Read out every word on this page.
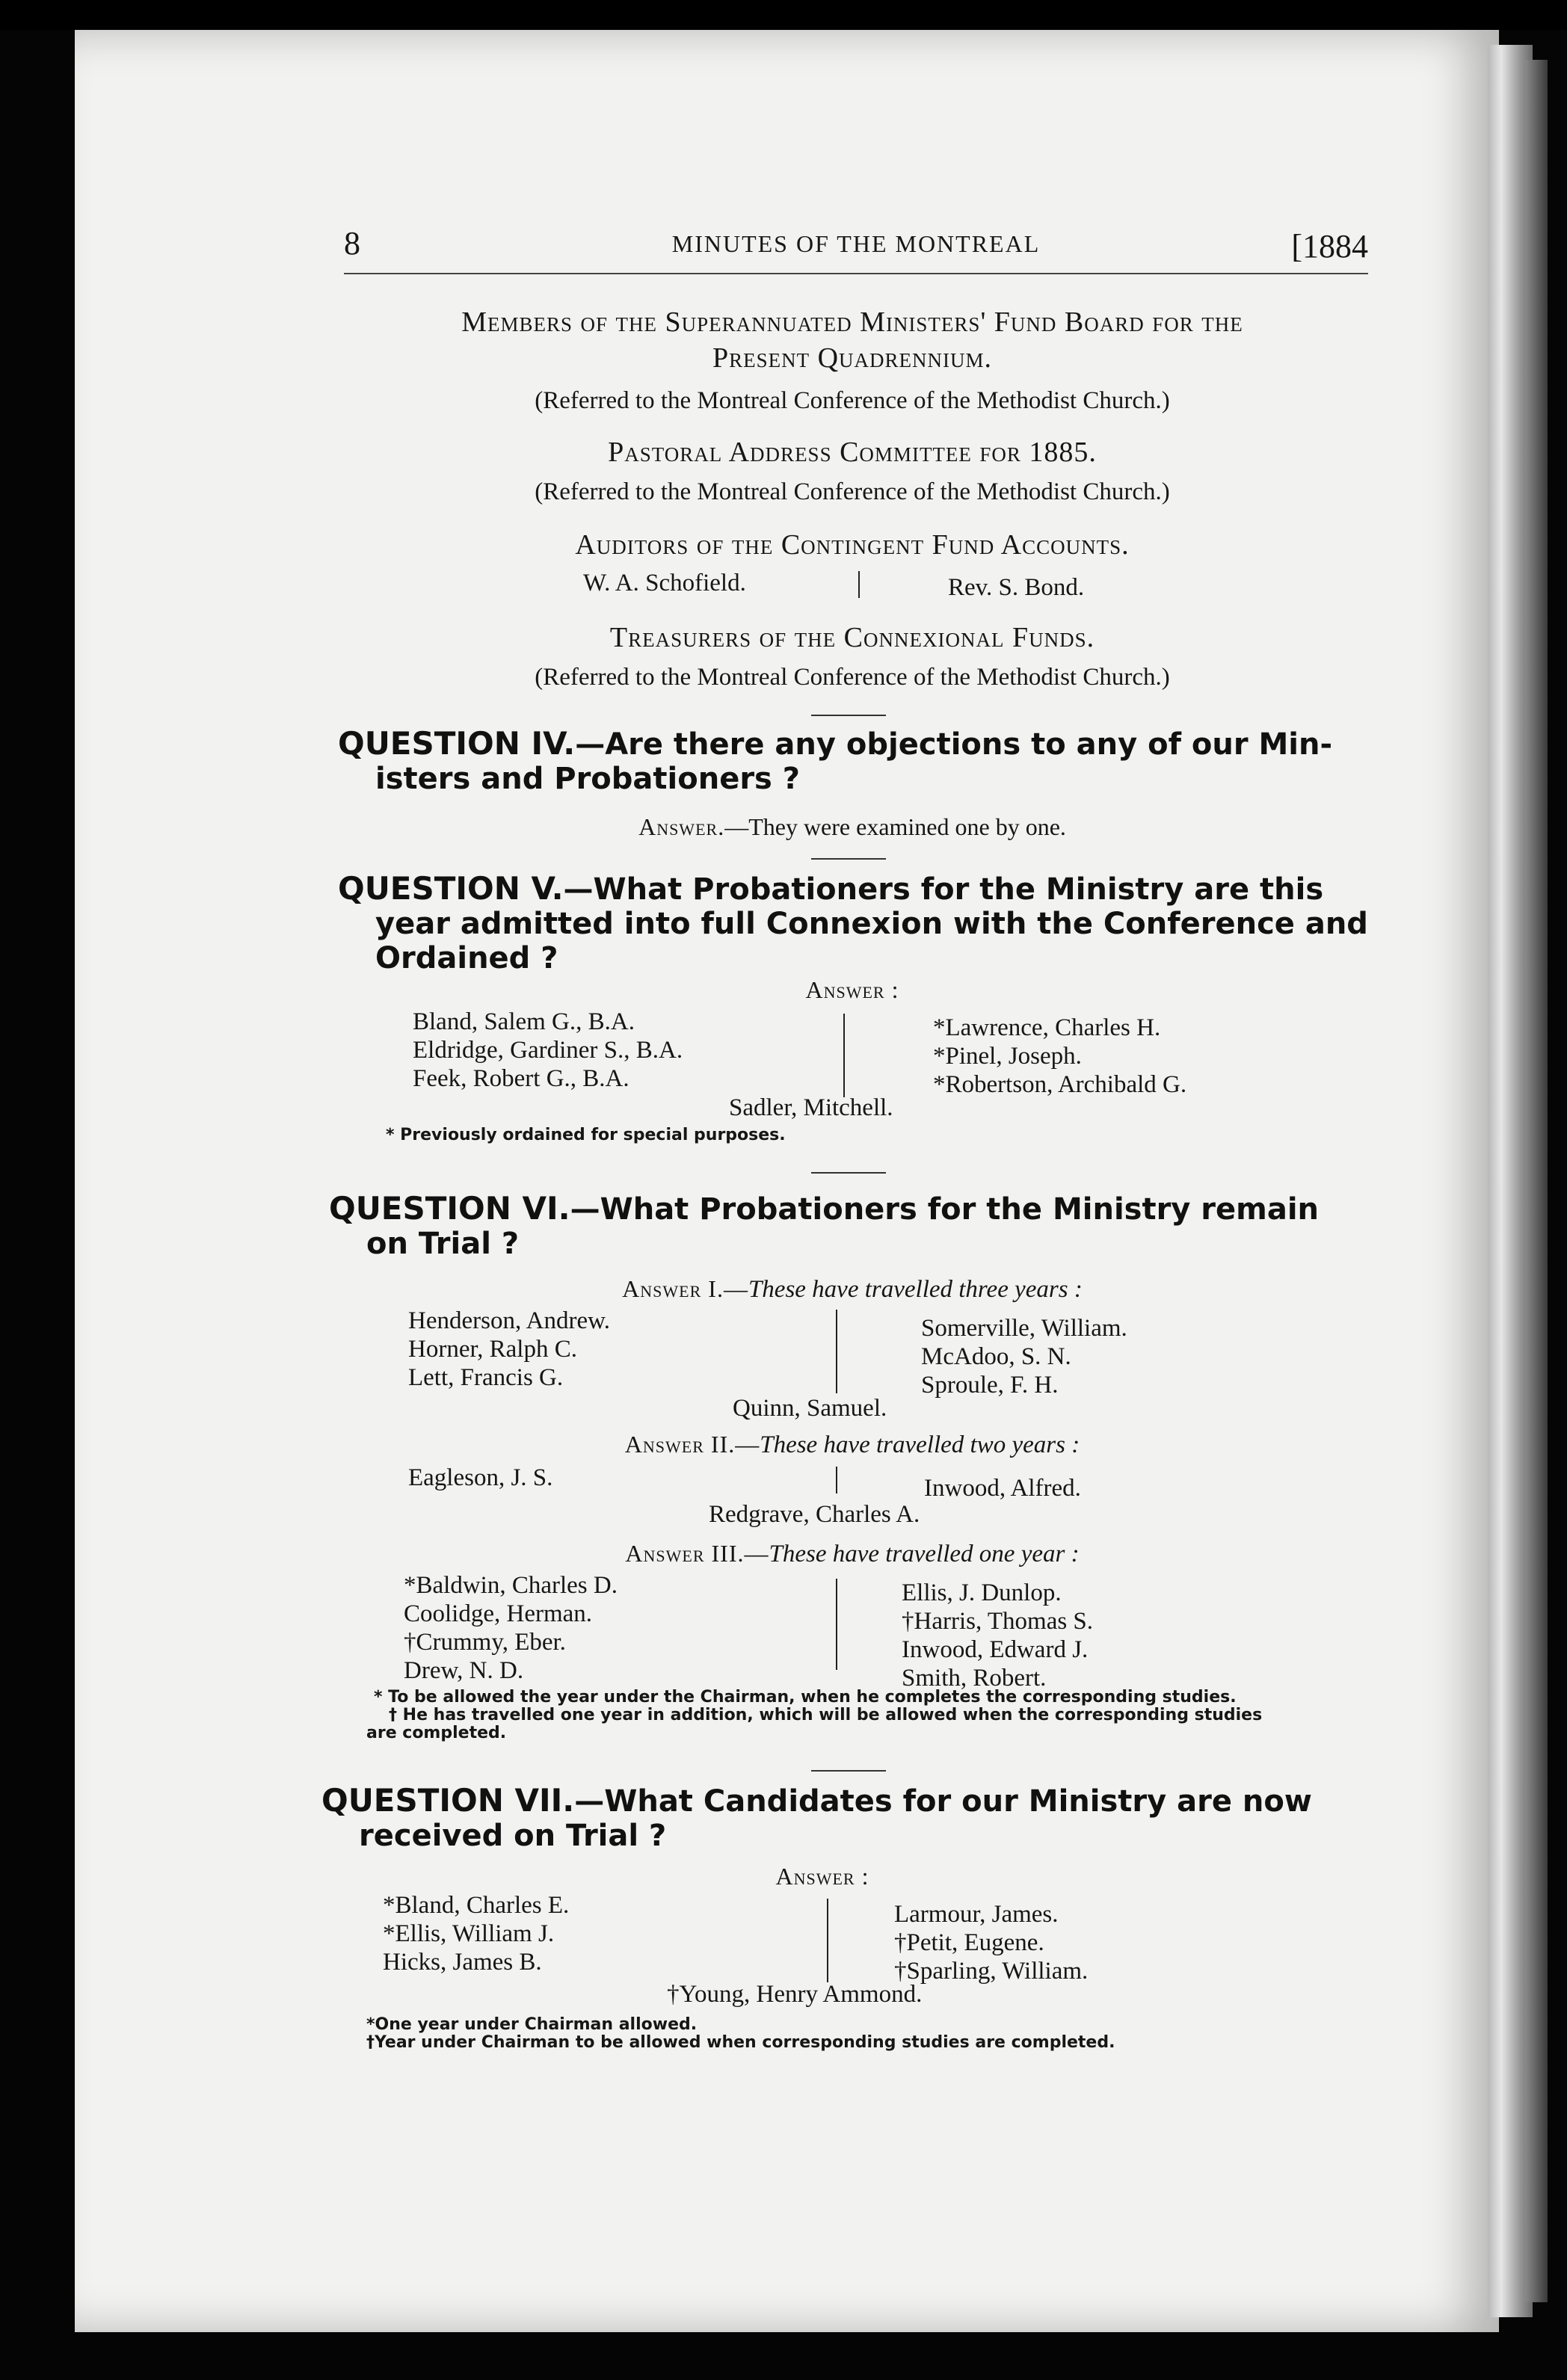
8	MINUTES OF THE MONTREAL	[1884
Members of the Superannuated Ministers' Fund Board for the
Present Quadrennium.
(Referred to the Montreal Conference of the Methodist Church.)
Pastoral Address Committee for 1885.
(Referred to the Montreal Conference of the Methodist Church.)
Auditors of the Contingent Fund Accounts.
W. A. Schofield.	Rev. S. Bond.
Treasurers of the Connexional Funds.
(Referred to the Montreal Conference of the Methodist Church.)
QUESTION IV.—Are there any objections to any of our Min-
isters and Probationers ?
Answer.—They were examined one by one.
QUESTION V.—What Probationers for the Ministry are this
year admitted into full Connexion with the Conference and
Ordained ?
Answer :
Bland, Salem G., B.A.
Eldridge, Gardiner S., B.A.
Feek, Robert G., B.A.
*Lawrence, Charles H.
*Pinel, Joseph.
*Robertson, Archibald G.
Sadler, Mitchell.
* Previously ordained for special purposes.
QUESTION VI.—What Probationers for the Ministry remain
on Trial ?
Answer I.—These have travelled three years :
Henderson, Andrew.
Horner, Ralph C.
Lett, Francis G.
Somerville, William.
McAdoo, S. N.
Sproule, F. H.
Quinn, Samuel.
Answer II.—These have travelled two years :
Eagleson, J. S.	Inwood, Alfred.
Redgrave, Charles A.
Answer III.—These have travelled one year :
*Baldwin, Charles D.
Coolidge, Herman.
†Crummy, Eber.
Drew, N. D.
Ellis, J. Dunlop.
†Harris, Thomas S.
Inwood, Edward J.
Smith, Robert.
* To be allowed the year under the Chairman, when he completes the corresponding studies.
† He has travelled one year in addition, which will be allowed when the corresponding studies
are completed.
QUESTION VII.—What Candidates for our Ministry are now
received on Trial ?
Answer :
*Bland, Charles E.
*Ellis, William J.
Hicks, James B.
Larmour, James.
†Petit, Eugene.
†Sparling, William.
†Young, Henry Ammond.
*One year under Chairman allowed.
†Year under Chairman to be allowed when corresponding studies are completed.
